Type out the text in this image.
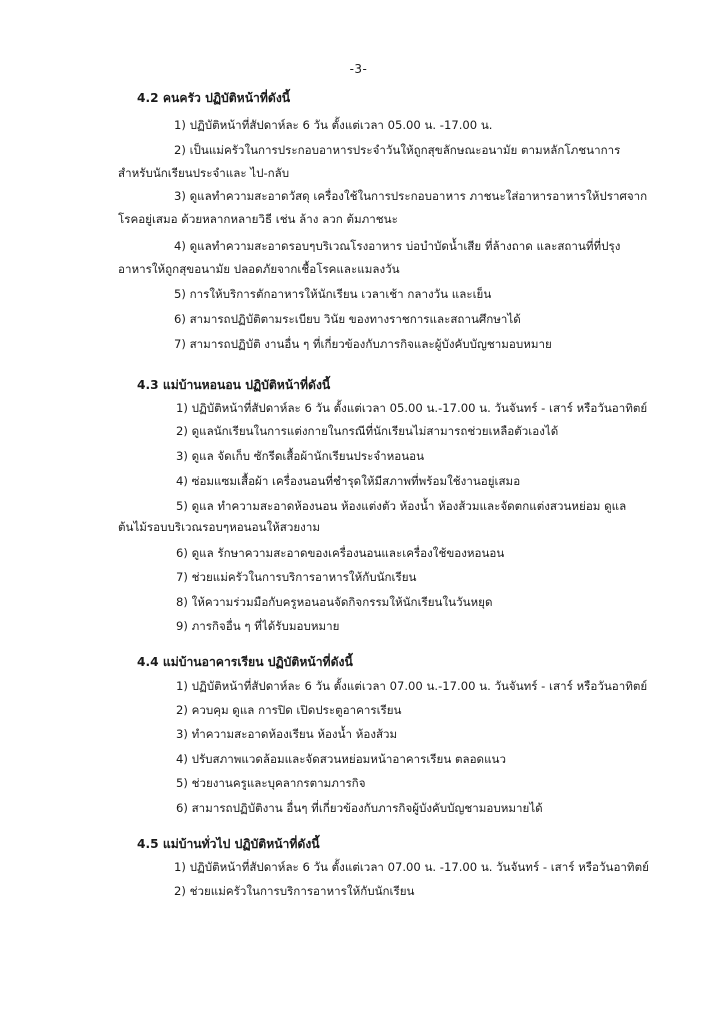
-3-
4.2 คนครัว ปฏิบัติหน้าที่ดังนี้
1) ปฏิบัติหน้าที่สัปดาห์ละ 6 วัน ตั้งแต่เวลา 05.00 น. -17.00 น.
2) เป็นแม่ครัวในการประกอบอาหารประจำวันให้ถูกสุขลักษณะอนามัย ตามหลักโภชนาการ
สำหรับนักเรียนประจำและ ไป-กลับ
3) ดูแลทำความสะอาดวัสดุ เครื่องใช้ในการประกอบอาหาร ภาชนะใส่อาหารอาหารให้ปราศจาก
โรคอยู่เสมอ ด้วยหลากหลายวิธี เช่น ล้าง ลวก ต้มภาชนะ
4) ดูแลทำความสะอาดรอบๆบริเวณโรงอาหาร บ่อบำบัดน้ำเสีย ที่ล้างถาด และสถานที่ที่ปรุง
อาหารให้ถูกสุขอนามัย ปลอดภัยจากเชื้อโรคและแมลงวัน
5) การให้บริการตักอาหารให้นักเรียน เวลาเช้า กลางวัน และเย็น
6) สามารถปฏิบัติตามระเบียบ วินัย ของทางราชการและสถานศึกษาได้
7) สามารถปฏิบัติ งานอื่น ๆ ที่เกี่ยวข้องกับภารกิจและผู้บังคับบัญชามอบหมาย
4.3 แม่บ้านหอนอน ปฏิบัติหน้าที่ดังนี้
1) ปฏิบัติหน้าที่สัปดาห์ละ 6 วัน ตั้งแต่เวลา 05.00 น.-17.00 น. วันจันทร์ - เสาร์ หรือวันอาทิตย์
2) ดูแลนักเรียนในการแต่งกายในกรณีที่นักเรียนไม่สามารถช่วยเหลือตัวเองได้
3) ดูแล จัดเก็บ ซักรีดเสื้อผ้านักเรียนประจำหอนอน
4) ซ่อมแซมเสื้อผ้า เครื่องนอนที่ชำรุดให้มีสภาพที่พร้อมใช้งานอยู่เสมอ
5) ดูแล ทำความสะอาดห้องนอน ห้องแต่งตัว ห้องน้ำ ห้องส้วมและจัดตกแต่งสวนหย่อม ดูแล
ต้นไม้รอบบริเวณรอบๆหอนอนให้สวยงาม
6) ดูแล รักษาความสะอาดของเครื่องนอนและเครื่องใช้ของหอนอน
7) ช่วยแม่ครัวในการบริการอาหารให้กับนักเรียน
8) ให้ความร่วมมือกับครูหอนอนจัดกิจกรรมให้นักเรียนในวันหยุด
9) ภารกิจอื่น ๆ ที่ได้รับมอบหมาย
4.4 แม่บ้านอาคารเรียน ปฏิบัติหน้าที่ดังนี้
1) ปฏิบัติหน้าที่สัปดาห์ละ 6 วัน ตั้งแต่เวลา 07.00 น.-17.00 น. วันจันทร์ - เสาร์ หรือวันอาทิตย์
2) ควบคุม ดูแล การปิด เปิดประตูอาคารเรียน
3) ทำความสะอาดห้องเรียน ห้องน้ำ ห้องส้วม
4) ปรับสภาพแวดล้อมและจัดสวนหย่อมหน้าอาคารเรียน ตลอดแนว
5) ช่วยงานครูและบุคลากรตามภารกิจ
6) สามารถปฏิบัติงาน อื่นๆ ที่เกี่ยวข้องกับภารกิจผู้บังคับบัญชามอบหมายได้
4.5 แม่บ้านทั่วไป ปฏิบัติหน้าที่ดังนี้
1) ปฏิบัติหน้าที่สัปดาห์ละ 6 วัน ตั้งแต่เวลา 07.00 น. -17.00 น. วันจันทร์ - เสาร์ หรือวันอาทิตย์
2) ช่วยแม่ครัวในการบริการอาหารให้กับนักเรียน
